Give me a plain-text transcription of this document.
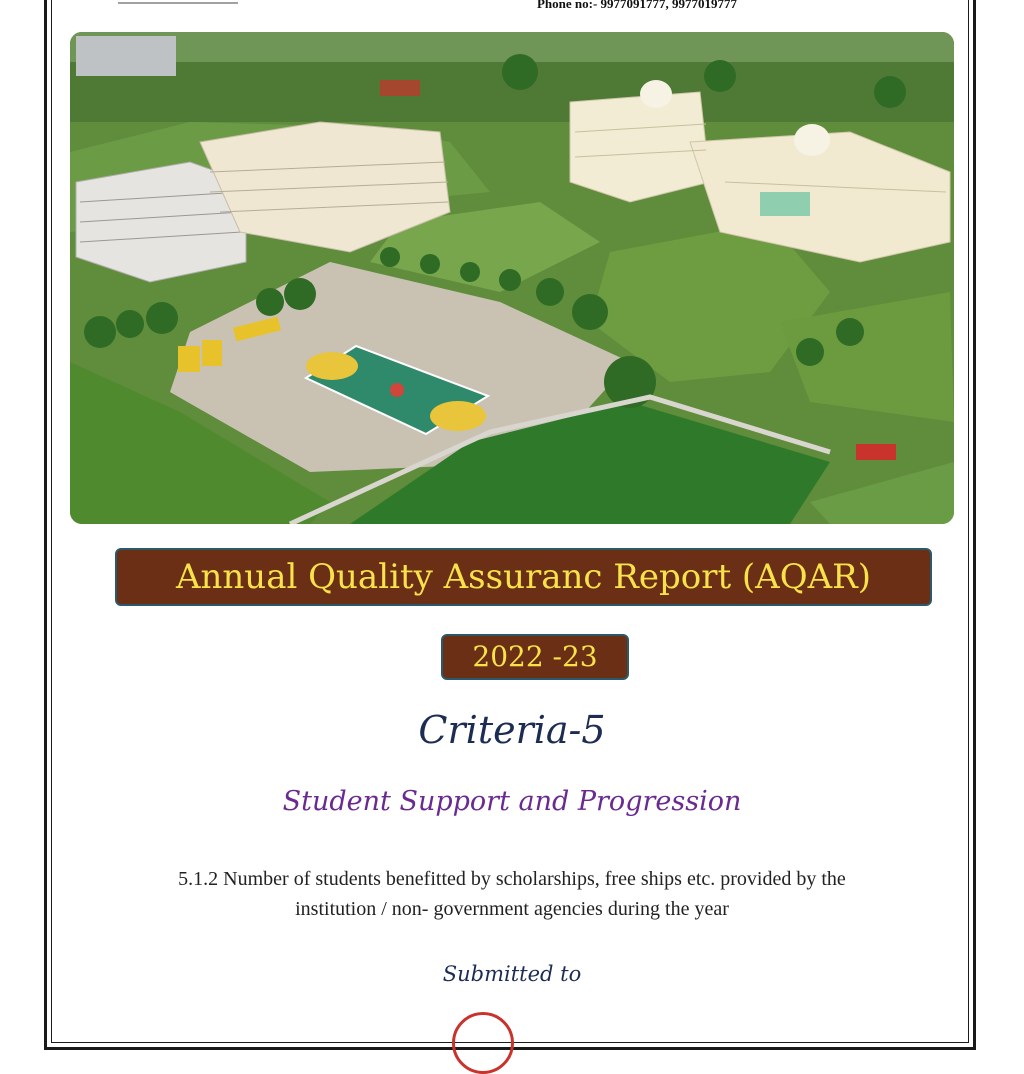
Phone no:- 9977091777, 9977019777
Annual Quality Assuranc Report (AQAR)
2022 -23
Criteria-5
Student Support and Progression
5.1.2 Number of students benefitted by scholarships, free ships etc. provided by the
institution / non- government agencies during the year
Submitted to
